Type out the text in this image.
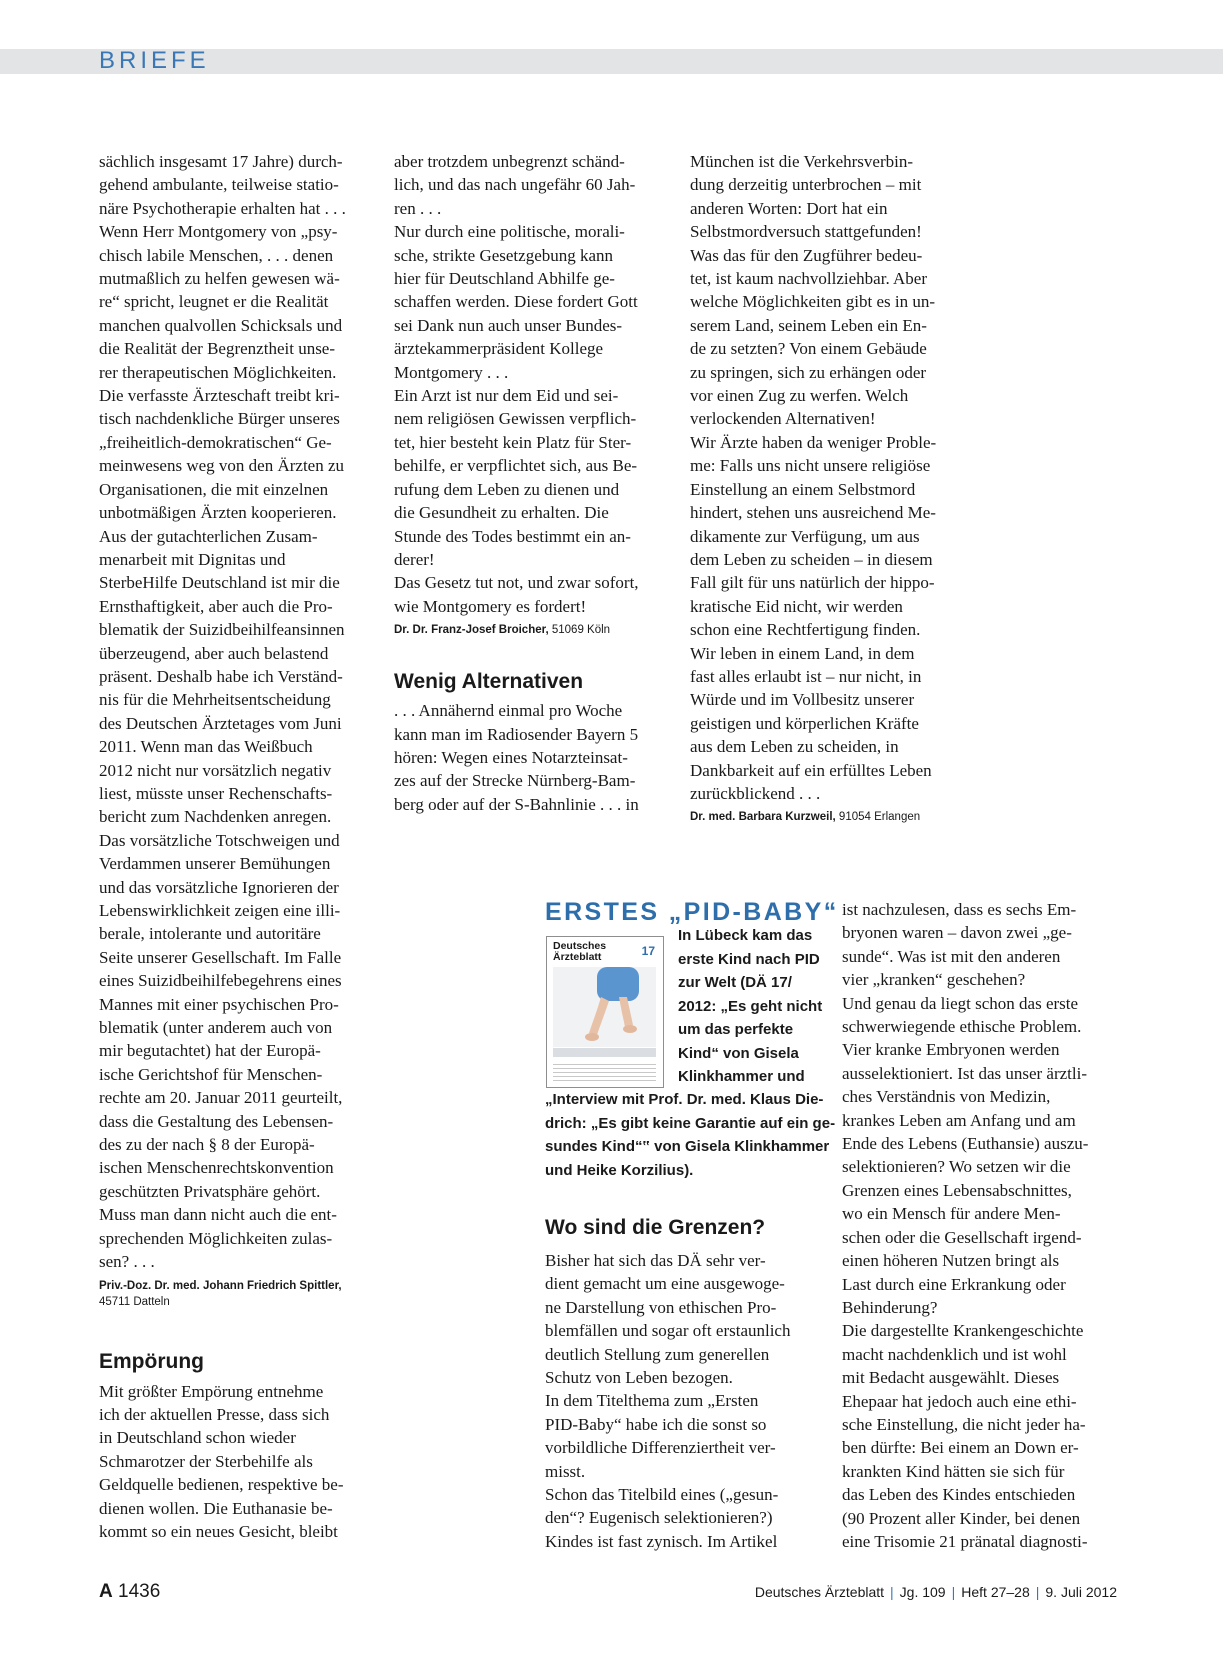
BRIEFE

sächlich insgesamt 17 Jahre) durch-

gehend ambulante, teilweise statio-

näre Psychotherapie erhalten hat . . .

Wenn Herr Montgomery von „psy-

chisch labile Menschen, . . . denen

mutmaßlich zu helfen gewesen wä-

re“ spricht, leugnet er die Realität

manchen qualvollen Schicksals und

die Realität der Begrenztheit unse-

rer therapeutischen Möglichkeiten.

Die verfasste Ärzteschaft treibt kri-

tisch nachdenkliche Bürger unseres

„freiheitlich-demokratischen“ Ge-

meinwesens weg von den Ärzten zu

Organisationen, die mit einzelnen

unbotmäßigen Ärzten kooperieren.

Aus der gutachterlichen Zusam-

menarbeit mit Dignitas und

SterbeHilfe Deutschland ist mir die

Ernsthaftigkeit, aber auch die Pro-

blematik der Suizidbeihilfeansinnen

überzeugend, aber auch belastend

präsent. Deshalb habe ich Verständ-

nis für die Mehrheitsentscheidung

des Deutschen Ärztetages vom Juni

2011. Wenn man das Weißbuch

2012 nicht nur vorsätzlich negativ

liest, müsste unser Rechenschafts-

bericht zum Nachdenken anregen.

Das vorsätzliche Totschweigen und

Verdammen unserer Bemühungen

und das vorsätzliche Ignorieren der

Lebenswirklichkeit zeigen eine illi-

berale, intolerante und autoritäre

Seite unserer Gesellschaft. Im Falle

eines Suizidbeihilfebegehrens eines

Mannes mit einer psychischen Pro-

blematik (unter anderem auch von

mir begutachtet) hat der Europä-

ische Gerichtshof für Menschen-

rechte am 20. Januar 2011 geurteilt,

dass die Gestaltung des Lebensen-

des zu der nach § 8 der Europä-

ischen Menschenrechtskonvention

geschützten Privatsphäre gehört.

Muss man dann nicht auch die ent-

sprechenden Möglichkeiten zulas-

sen? . . .

Priv.-Doz. Dr. med. Johann Friedrich Spittler,

45711 Datteln

Empörung

Mit größter Empörung entnehme

ich der aktuellen Presse, dass sich

in Deutschland schon wieder

Schmarotzer der Sterbehilfe als

Geldquelle bedienen, respektive be-

dienen wollen. Die Euthanasie be-

kommt so ein neues Gesicht, bleibt

aber trotzdem unbegrenzt schänd-

lich, und das nach ungefähr 60 Jah-

ren . . .

Nur durch eine politische, morali-

sche, strikte Gesetzgebung kann

hier für Deutschland Abhilfe ge-

schaffen werden. Diese fordert Gott

sei Dank nun auch unser Bundes-

ärztekammerpräsident Kollege

Montgomery . . .

Ein Arzt ist nur dem Eid und sei-

nem religiösen Gewissen verpflich-

tet, hier besteht kein Platz für Ster-

behilfe, er verpflichtet sich, aus Be-

rufung dem Leben zu dienen und

die Gesundheit zu erhalten. Die

Stunde des Todes bestimmt ein an-

derer!

Das Gesetz tut not, und zwar sofort,

wie Montgomery es fordert!

Dr. Dr. Franz-Josef Broicher, 51069 Köln

Wenig Alternativen

. . . Annähernd einmal pro Woche

kann man im Radiosender Bayern 5

hören: Wegen eines Notarzteinsat-

zes auf der Strecke Nürnberg-Bam-

berg oder auf der S-Bahnlinie . . . in

München ist die Verkehrsverbin-

dung derzeitig unterbrochen – mit

anderen Worten: Dort hat ein

Selbstmordversuch stattgefunden!

Was das für den Zugführer bedeu-

tet, ist kaum nachvollziehbar. Aber

welche Möglichkeiten gibt es in un-

serem Land, seinem Leben ein En-

de zu setzten? Von einem Gebäude

zu springen, sich zu erhängen oder

vor einen Zug zu werfen. Welch

verlockenden Alternativen!

Wir Ärzte haben da weniger Proble-

me: Falls uns nicht unsere religiöse

Einstellung an einem Selbstmord

hindert, stehen uns ausreichend Me-

dikamente zur Verfügung, um aus

dem Leben zu scheiden – in diesem

Fall gilt für uns natürlich der hippo-

kratische Eid nicht, wir werden

schon eine Rechtfertigung finden.

Wir leben in einem Land, in dem

fast alles erlaubt ist – nur nicht, in

Würde und im Vollbesitz unserer

geistigen und körperlichen Kräfte

aus dem Leben zu scheiden, in

Dankbarkeit auf ein erfülltes Leben

zurückblickend . . .

Dr. med. Barbara Kurzweil, 91054 Erlangen

ERSTES „PID-BABY“
Deutsches
Ärzteblatt	17

In Lübeck kam das

erste Kind nach PID

zur Welt (DÄ 17/

2012: „Es geht nicht

um das perfekte

Kind“ von Gisela

Klinkhammer und

„Interview mit Prof. Dr. med. Klaus Die-

drich: „Es gibt keine Garantie auf ein ge-

sundes Kind“‟ von Gisela Klinkhammer

und Heike Korzilius).

Wo sind die Grenzen?

Bisher hat sich das DÄ sehr ver-

dient gemacht um eine ausgewoge-

ne Darstellung von ethischen Pro-

blemfällen und sogar oft erstaunlich

deutlich Stellung zum generellen

Schutz von Leben bezogen.

In dem Titelthema zum „Ersten

PID-Baby“ habe ich die sonst so

vorbildliche Differenziertheit ver-

misst.

Schon das Titelbild eines („gesun-

den“? Eugenisch selektionieren?)

Kindes ist fast zynisch. Im Artikel

ist nachzulesen, dass es sechs Em-

bryonen waren – davon zwei „ge-

sunde“. Was ist mit den anderen

vier „kranken“ geschehen?

Und genau da liegt schon das erste

schwerwiegende ethische Problem.

Vier kranke Embryonen werden

ausselektioniert. Ist das unser ärztli-

ches Verständnis von Medizin,

krankes Leben am Anfang und am

Ende des Lebens (Euthansie) auszu-

selektionieren? Wo setzen wir die

Grenzen eines Lebensabschnittes,

wo ein Mensch für andere Men-

schen oder die Gesellschaft irgend-

einen höheren Nutzen bringt als

Last durch eine Erkrankung oder

Behinderung?

Die dargestellte Krankengeschichte

macht nachdenklich und ist wohl

mit Bedacht ausgewählt. Dieses

Ehepaar hat jedoch auch eine ethi-

sche Einstellung, die nicht jeder ha-

ben dürfte: Bei einem an Down er-

krankten Kind hätten sie sich für

das Leben des Kindes entschieden

(90 Prozent aller Kinder, bei denen

eine Trisomie 21 pränatal diagnosti-

A 1436	Deutsches Ärzteblatt | Jg. 109 | Heft 27–28 | 9. Juli 2012
